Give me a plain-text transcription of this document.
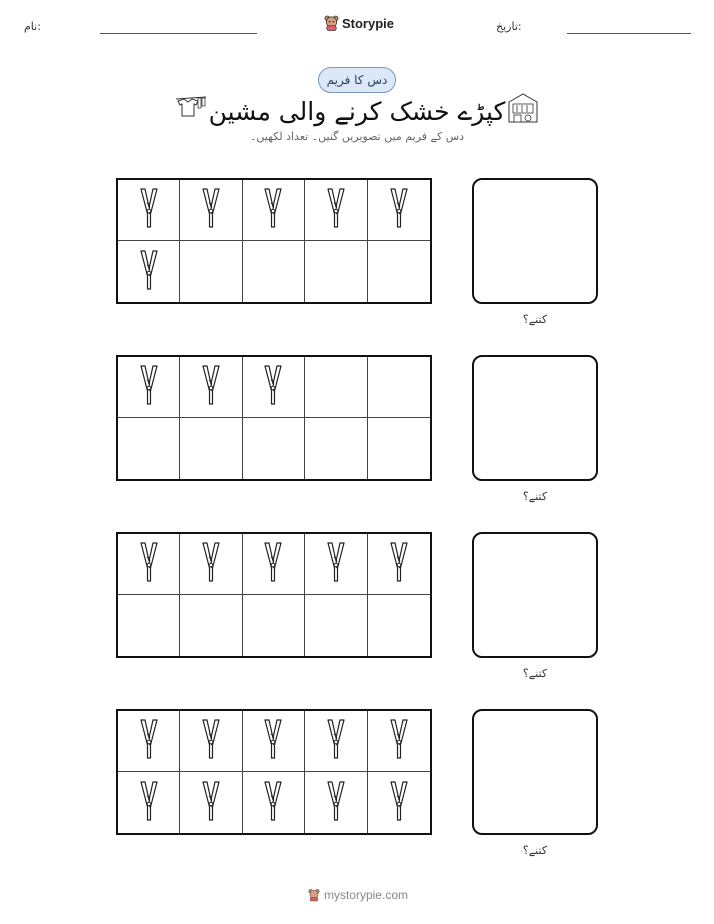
نام:	Storypie	تاریخ:
دس کا فریم
کپڑے خشک کرنے والی مشین
دس کے فریم میں تصویریں گنیں۔ تعداد لکھیں۔
کتنے؟
کتنے؟
کتنے؟
کتنے؟
mystorypie.com
